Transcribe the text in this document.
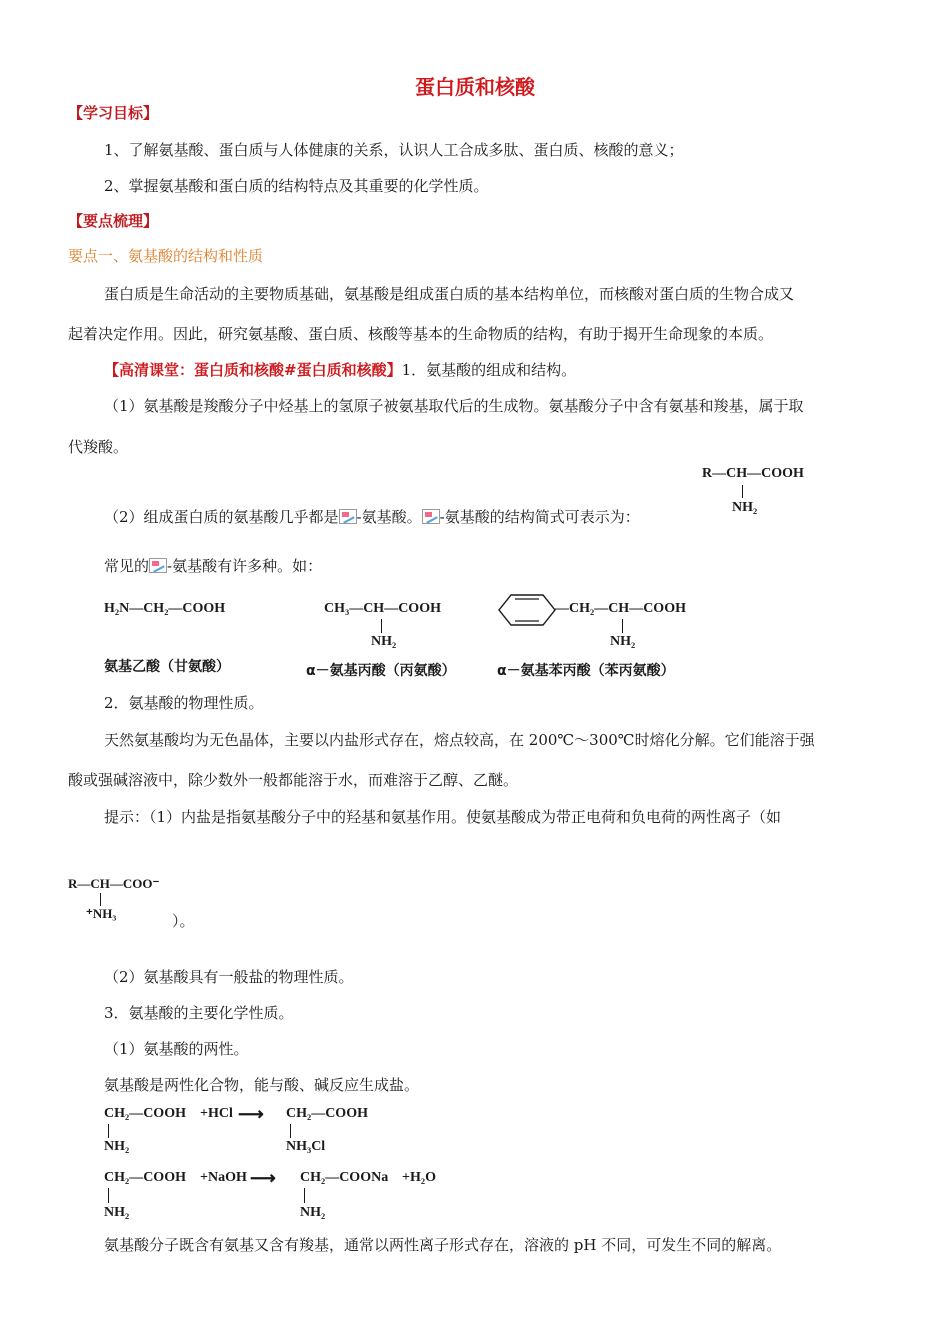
蛋白质和核酸
【学习目标】
1、了解氨基酸、蛋白质与人体健康的关系，认识人工合成多肽、蛋白质、核酸的意义；
2、掌握氨基酸和蛋白质的结构特点及其重要的化学性质。
【要点梳理】
要点一、氨基酸的结构和性质
蛋白质是生命活动的主要物质基础，氨基酸是组成蛋白质的基本结构单位，而核酸对蛋白质的生物合成又
起着决定作用。因此，研究氨基酸、蛋白质、核酸等基本的生命物质的结构，有助于揭开生命现象的本质。
【高清课堂：蛋白质和核酸#蛋白质和核酸】1．氨基酸的组成和结构。
（1）氨基酸是羧酸分子中烃基上的氢原子被氨基取代后的生成物。氨基酸分子中含有氨基和羧基，属于取
代羧酸。
R—CH—COOH
NH₂
（2）组成蛋白质的氨基酸几乎都是 -氨基酸。 -氨基酸的结构简式可表示为：
常见的 -氨基酸有许多种。如：
H₂N—CH₂—COOH
氨基乙酸（甘氨酸）
CH₃—CH—COOH
NH₂
α－氨基丙酸（丙氨酸）
—CH₂—CH—COOH
NH₂
α－氨基苯丙酸（苯丙氨酸）
2．氨基酸的物理性质。
天然氨基酸均为无色晶体，主要以内盐形式存在，熔点较高，在 200℃～300℃时熔化分解。它们能溶于强
酸或强碱溶液中，除少数外一般都能溶于水，而难溶于乙醇、乙醚。
提示：（1）内盐是指氨基酸分子中的羟基和氨基作用。使氨基酸成为带正电荷和负电荷的两性离子（如
R—CH—COO⁻
⁺NH₃	）。
（2）氨基酸具有一般盐的物理性质。
3．氨基酸的主要化学性质。
（1）氨基酸的两性。
氨基酸是两性化合物，能与酸、碱反应生成盐。
CH₂—COOH
NH₂
+HCl ⟶ CH₂—COOH
NH₃Cl
CH₂—COOH
NH₂
+NaOH ⟶ CH₂—COONa
NH₂
+H₂O
氨基酸分子既含有氨基又含有羧基，通常以两性离子形式存在，溶液的 pH 不同，可发生不同的解离。
